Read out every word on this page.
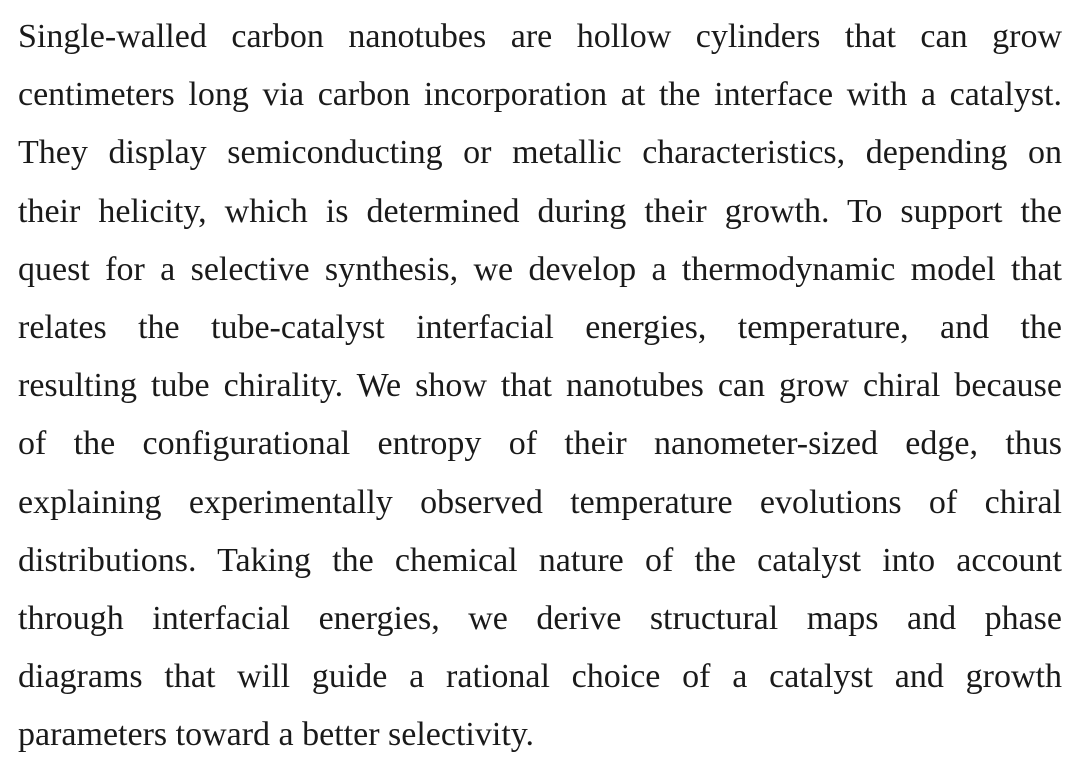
Single-walled carbon nanotubes are hollow cylinders that can grow
centimeters long via carbon incorporation at the interface with a catalyst.
They display semiconducting or metallic characteristics, depending on
their helicity, which is determined during their growth. To support the
quest for a selective synthesis, we develop a thermodynamic model that
relates the tube-catalyst interfacial energies, temperature, and the
resulting tube chirality. We show that nanotubes can grow chiral because
of the configurational entropy of their nanometer-sized edge, thus
explaining experimentally observed temperature evolutions of chiral
distributions. Taking the chemical nature of the catalyst into account
through interfacial energies, we derive structural maps and phase
diagrams that will guide a rational choice of a catalyst and growth
parameters toward a better selectivity.
